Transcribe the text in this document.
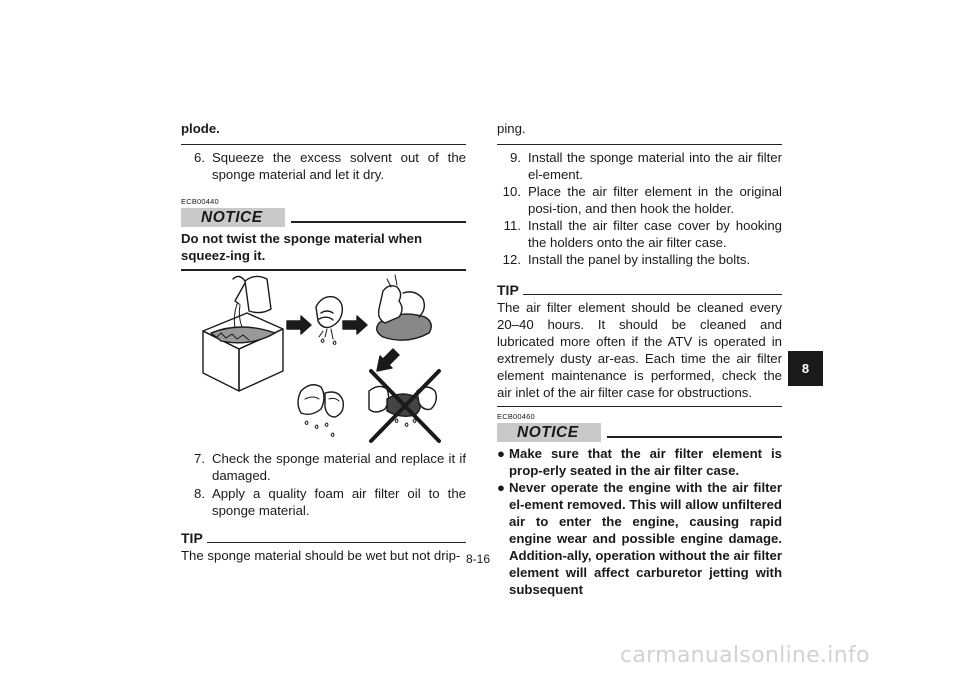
plode.

6. Squeeze the excess solvent out of the sponge material and let it dry.
ECB00440
NOTICE

Do not twist the sponge material when squeez-ing it.

7. Check the sponge material and replace it if damaged.
8. Apply a quality foam air filter oil to the sponge material.
TIP

The sponge material should be wet but not drip-

ping.

9. Install the sponge material into the air filter el-ement.
10. Place the air filter element in the original posi-tion, and then hook the holder.
11. Install the air filter case cover by hooking the holders onto the air filter case.
12. Install the panel by installing the bolts.
TIP

The air filter element should be cleaned every 20–40 hours. It should be cleaned and lubricated more often if the ATV is operated in extremely dusty ar-eas. Each time the air filter element maintenance is performed, check the air inlet of the air filter case for obstructions.

ECB00460
NOTICE
● Make sure that the air filter element is prop-erly seated in the air filter case.
● Never operate the engine with the air filter el-ement removed. This will allow unfiltered air to enter the engine, causing rapid engine wear and possible engine damage. Addition-ally, operation without the air filter element will affect carburetor jetting with subsequent
8
8-16
carmanualsonline.info
